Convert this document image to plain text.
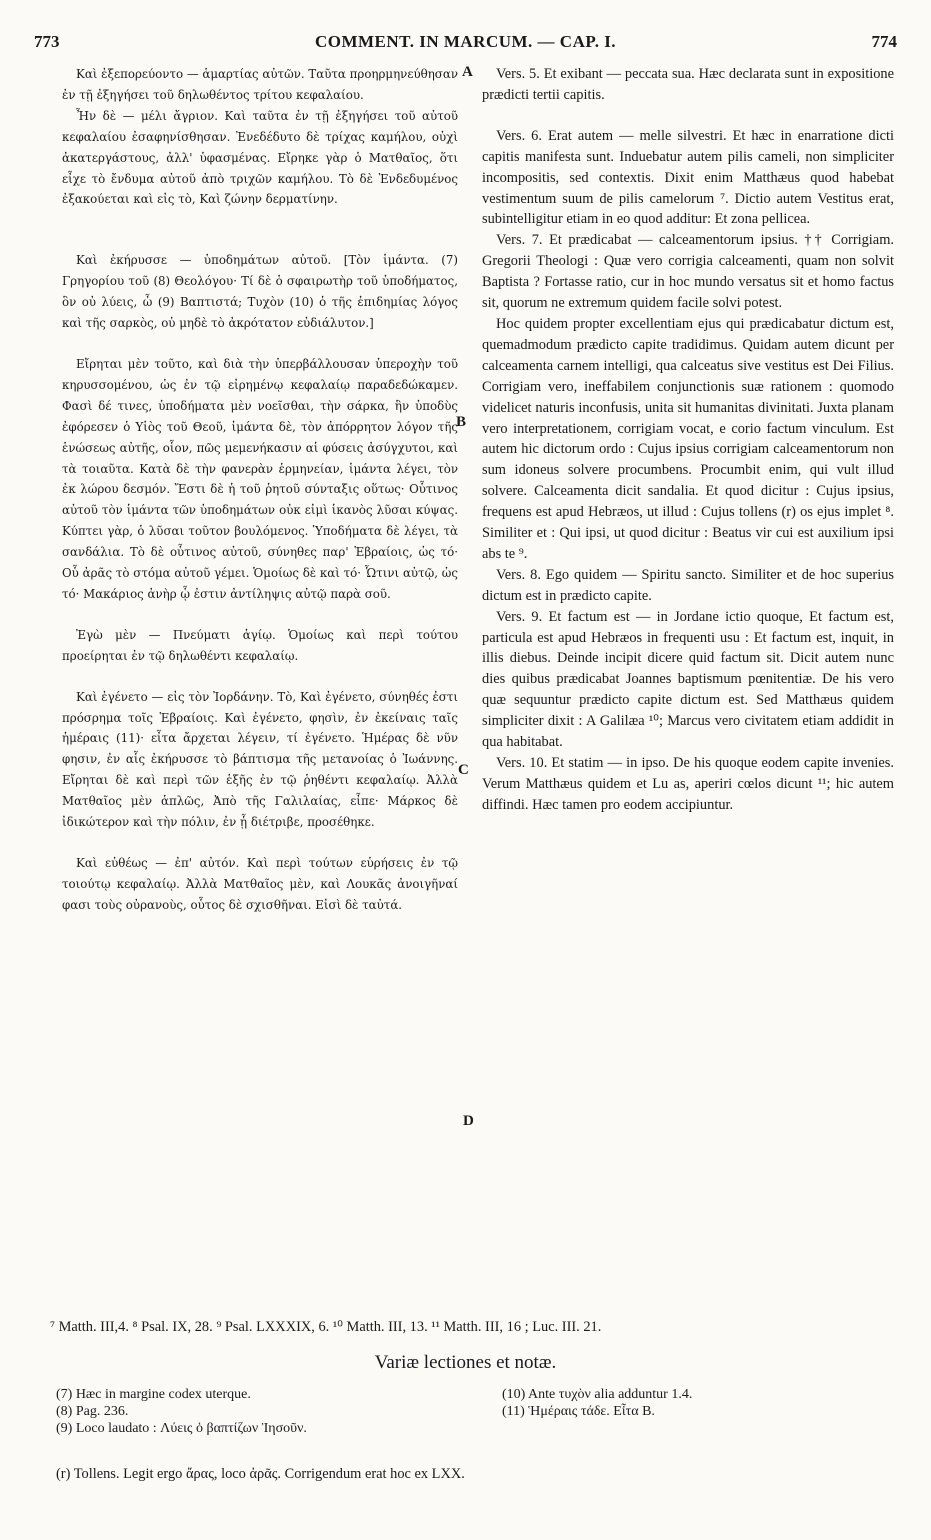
773	COMMENT. IN MARCUM. — CAP. I.	774
A
B
C
D

Καὶ ἐξεπορεύοντο — ἁμαρτίας αὐτῶν. Ταῦτα προηρμηνεύθησαν ἐν τῇ ἐξηγήσει τοῦ δηλωθέντος τρίτου κεφαλαίου.

Ἦν δὲ — μέλι ἄγριον. Καὶ ταῦτα ἐν τῇ ἐξηγήσει τοῦ αὐτοῦ κεφαλαίου ἐσαφηνίσθησαν. Ἐνεδέδυτο δὲ τρίχας καμήλου, οὐχὶ ἀκατεργάστους, ἀλλ' ὑφασμένας. Εἴρηκε γὰρ ὁ Ματθαῖος, ὅτι εἶχε τὸ ἔνδυμα αὐτοῦ ἀπὸ τριχῶν καμήλου. Τὸ δὲ Ἐνδεδυμένος ἐξακούεται καὶ εἰς τὸ, Καὶ ζώνην δερματίνην.

Καὶ ἐκήρυσσε — ὑποδημάτων αὐτοῦ. [Τὸν ἱμάντα. (7) Γρηγορίου τοῦ (8) Θεολόγου· Τί δὲ ὁ σφαιρωτὴρ τοῦ ὑποδήματος, ὃν οὐ λύεις, ὦ (9) Βαπτιστά; Τυχὸν (10) ὁ τῆς ἐπιδημίας λόγος καὶ τῆς σαρκὸς, οὐ μηδὲ τὸ ἀκρότατον εὐδιάλυτον.]

Εἴρηται μὲν τοῦτο, καὶ διὰ τὴν ὑπερβάλλουσαν ὑπεροχὴν τοῦ κηρυσσομένου, ὡς ἐν τῷ εἰρημένῳ κεφαλαίῳ παραδεδώκαμεν. Φασὶ δέ τινες, ὑποδήματα μὲν νοεῖσθαι, τὴν σάρκα, ἣν ὑποδὺς ἐφόρεσεν ὁ Υἱὸς τοῦ Θεοῦ, ἱμάντα δὲ, τὸν ἀπόρρητον λόγον τῆς ἑνώσεως αὐτῆς, οἷον, πῶς μεμενήκασιν αἱ φύσεις ἀσύγχυτοι, καὶ τὰ τοιαῦτα. Κατὰ δὲ τὴν φανερὰν ἑρμηνείαν, ἱμάντα λέγει, τὸν ἐκ λώρου δεσμόν. Ἔστι δὲ ἡ τοῦ ῥητοῦ σύνταξις οὕτως· Οὗτινος αὐτοῦ τὸν ἱμάντα τῶν ὑποδημάτων οὐκ εἰμὶ ἱκανὸς λῦσαι κύψας. Κύπτει γὰρ, ὁ λῦσαι τοῦτον βουλόμενος. Ὑποδήματα δὲ λέγει, τὰ σανδάλια. Τὸ δὲ οὗτινος αὐτοῦ, σύνηθες παρ' Ἑβραίοις, ὡς τό· Οὗ ἀρᾶς τὸ στόμα αὐτοῦ γέμει. Ὁμοίως δὲ καὶ τό· Ὧτινι αὐτῷ, ὡς τό· Μακάριος ἀνὴρ ᾧ ἐστιν ἀντίληψις αὐτῷ παρὰ σοῦ.

Ἐγὼ μὲν — Πνεύματι ἁγίῳ. Ὁμοίως καὶ περὶ τούτου προείρηται ἐν τῷ δηλωθέντι κεφαλαίῳ.

Καὶ ἐγένετο — εἰς τὸν Ἰορδάνην. Τὸ, Καὶ ἐγένετο, σύνηθές ἐστι πρόσρημα τοῖς Ἑβραίοις. Καὶ ἐγένετο, φησὶν, ἐν ἐκείναις ταῖς ἡμέραις (11)· εἶτα ἄρχεται λέγειν, τί ἐγένετο. Ἡμέρας δὲ νῦν φησιν, ἐν αἷς ἐκήρυσσε τὸ βάπτισμα τῆς μετανοίας ὁ Ἰωάννης. Εἴρηται δὲ καὶ περὶ τῶν ἑξῆς ἐν τῷ ῥηθέντι κεφαλαίῳ. Ἀλλὰ Ματθαῖος μὲν ἁπλῶς, Ἀπὸ τῆς Γαλιλαίας, εἶπε· Μάρκος δὲ ἰδικώτερον καὶ τὴν πόλιν, ἐν ᾗ διέτριβε, προσέθηκε.

Καὶ εὐθέως — ἐπ' αὐτόν. Καὶ περὶ τούτων εὑρήσεις ἐν τῷ τοιούτῳ κεφαλαίῳ. Ἀλλὰ Ματθαῖος μὲν, καὶ Λουκᾶς ἀνοιγῆναί φασι τοὺς οὐρανοὺς, οὗτος δὲ σχισθῆναι. Εἰσὶ δὲ ταὐτά.

Vers. 5. Et exibant — peccata sua. Hæc declarata sunt in expositione prædicti tertii capitis.

Vers. 6. Erat autem — melle silvestri. Et hæc in enarratione dicti capitis manifesta sunt. Induebatur autem pilis cameli, non simpliciter incompositis, sed contextis. Dixit enim Matthæus quod habebat vestimentum suum de pilis camelorum ⁷. Dictio autem Vestitus erat, subintelligitur etiam in eo quod additur: Et zona pellicea.

Vers. 7. Et prædicabat — calceamentorum ipsius. †† Corrigiam. Gregorii Theologi : Quæ vero corrigia calceamenti, quam non solvit Baptista ? Fortasse ratio, cur in hoc mundo versatus sit et homo factus sit, quorum ne extremum quidem facile solvi potest.

Hoc quidem propter excellentiam ejus qui prædicabatur dictum est, quemadmodum prædicto capite tradidimus. Quidam autem dicunt per calceamenta carnem intelligi, qua calceatus sive vestitus est Dei Filius. Corrigiam vero, ineffabilem conjunctionis suæ rationem : quomodo videlicet naturis inconfusis, unita sit humanitas divinitati. Juxta planam vero interpretationem, corrigiam vocat, e corio factum vinculum. Est autem hic dictorum ordo : Cujus ipsius corrigiam calceamentorum non sum idoneus solvere procumbens. Procumbit enim, qui vult illud solvere. Calceamenta dicit sandalia. Et quod dicitur : Cujus ipsius, frequens est apud Hebræos, ut illud : Cujus tollens (r) os ejus implet ⁸. Similiter et : Qui ipsi, ut quod dicitur : Beatus vir cui est auxilium ipsi abs te ⁹.

Vers. 8. Ego quidem — Spiritu sancto. Similiter et de hoc superius dictum est in prædicto capite.

Vers. 9. Et factum est — in Jordane ictio quoque, Et factum est, particula est apud Hebræos in frequenti usu : Et factum est, inquit, in illis diebus. Deinde incipit dicere quid factum sit. Dicit autem nunc dies quibus prædicabat Joannes baptismum pœnitentiæ. De his vero quæ sequuntur prædicto capite dictum est. Sed Matthæus quidem simpliciter dixit : A Galilæa ¹⁰; Marcus vero civitatem etiam addidit in qua habitabat.

Vers. 10. Et statim — in ipso. De his quoque eodem capite invenies. Verum Matthæus quidem et Lu as, aperiri cœlos dicunt ¹¹; hic autem diffindi. Hæc tamen pro eodem accipiuntur.

⁷ Matth. III,4. ⁸ Psal. IX, 28. ⁹ Psal. LXXXIX, 6. ¹⁰ Matth. III, 13. ¹¹ Matth. III, 16 ; Luc. III. 21.
Variæ lectiones et notæ.
(7) Hæc in margine codex uterque.
(8) Pag. 236.
(9) Loco laudato : Λύεις ὁ βαπτίζων Ἰησοῦν.
(10) Ante τυχὸν alia adduntur 1.4.
(11) Ἡμέραις τάδε. Εἶτα B.
(r) Tollens. Legit ergo ἄρας, loco ἀρᾶς. Corrigendum erat hoc ex LXX.
